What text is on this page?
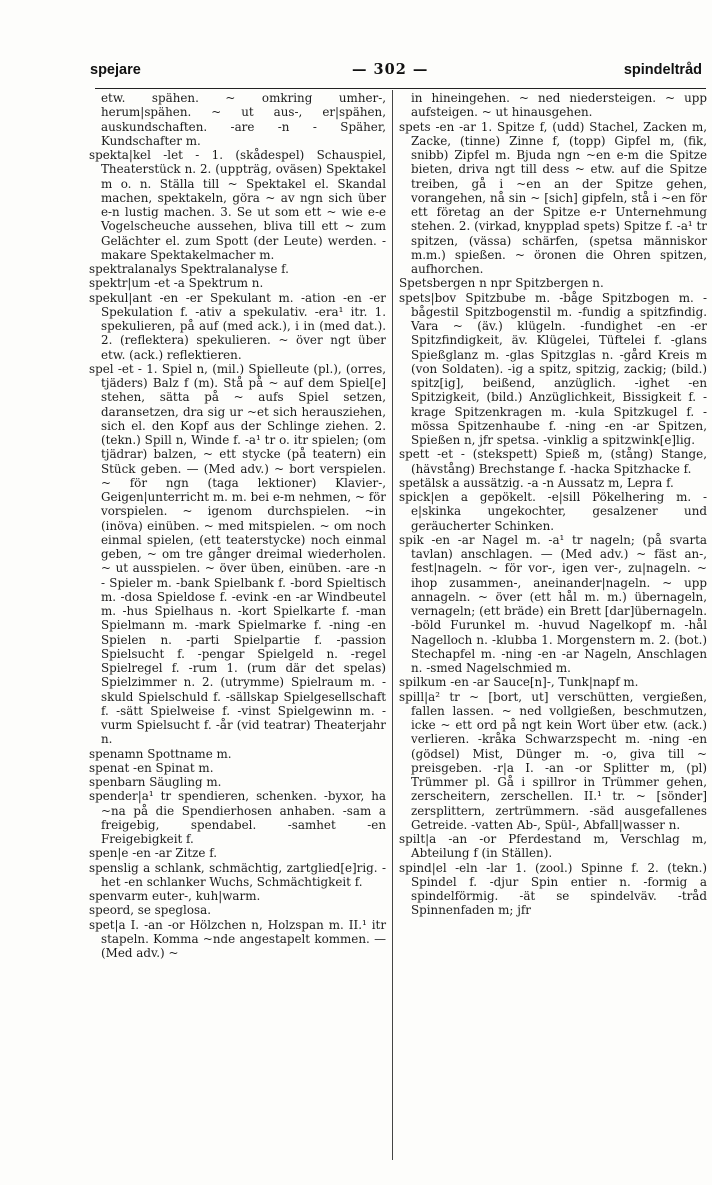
spejare	— 302 —	spindeltråd

etw. spähen. ~ omkring umher-, herum|spähen. ~ ut aus-, er|spähen, auskundschaften. -are -n - Späher, Kundschafter m.

spekta|kel -let - 1. (skådespel) Schauspiel, Theaterstück n. 2. (uppträg, oväsen) Spektakel m o. n. Ställa till ~ Spektakel el. Skandal machen, spektakeln, göra ~ av ngn sich über e-n lustig machen. 3. Se ut som ett ~ wie e-e Vogelscheuche aussehen, bliva till ett ~ zum Gelächter el. zum Spott (der Leute) werden. -makare Spektakelmacher m.

spektralanalys Spektralanalyse f.

spektr|um -et -a Spektrum n.

spekul|ant -en -er Spekulant m. -ation -en -er Spekulation f. -ativ a spekulativ. -era¹ itr. 1. spekulieren, på auf (med ack.), i in (med dat.). 2. (reflektera) spekulieren. ~ över ngt über etw. (ack.) reflektieren.

spel -et - 1. Spiel n, (mil.) Spielleute (pl.), (orres, tjäders) Balz f (m). Stå på ~ auf dem Spiel[e] stehen, sätta på ~ aufs Spiel setzen, daransetzen, dra sig ur ~et sich herausziehen, sich el. den Kopf aus der Schlinge ziehen. 2. (tekn.) Spill n, Winde f. -a¹ tr o. itr spielen; (om tjädrar) balzen, ~ ett stycke (på teatern) ein Stück geben. — (Med adv.) ~ bort verspielen. ~ för ngn (taga lektioner) Klavier-, Geigen|unterricht m. m. bei e-m nehmen, ~ för vorspielen. ~ igenom durchspielen. ~in (inöva) einüben. ~ med mitspielen. ~ om noch einmal spielen, (ett teaterstycke) noch einmal geben, ~ om tre gånger dreimal wiederholen. ~ ut ausspielen. ~ över üben, einüben. -are -n - Spieler m. -bank Spielbank f. -bord Spieltisch m. -dosa Spieldose f. -evink -en -ar Windbeutel m. -hus Spielhaus n. -kort Spielkarte f. -man Spielmann m. -mark Spielmarke f. -ning -en Spielen n. -parti Spielpartie f. -passion Spielsucht f. -pengar Spielgeld n. -regel Spielregel f. -rum 1. (rum där det spelas) Spielzimmer n. 2. (utrymme) Spielraum m. -skuld Spielschuld f. -sällskap Spielgesellschaft f. -sätt Spielweise f. -vinst Spielgewinn m. -vurm Spielsucht f. -år (vid teatrar) Theaterjahr n.

spenamn Spottname m.

spenat -en Spinat m.

spenbarn Säugling m.

spender|a¹ tr spendieren, schenken. -byxor, ha ~na på die Spendierhosen anhaben. -sam a freigebig, spendabel. -samhet -en Freigebigkeit f.

spen|e -en -ar Zitze f.

spenslig a schlank, schmächtig, zartglied[e]rig. -het -en schlanker Wuchs, Schmächtigkeit f.

spenvarm euter-, kuh|warm.

speord, se speglosa.

spet|a I. -an -or Hölzchen n, Holzspan m. II.¹ itr stapeln. Komma ~nde angestapelt kommen. — (Med adv.) ~

in hineingehen. ~ ned niedersteigen. ~ upp aufsteigen. ~ ut hinausgehen.

spets -en -ar 1. Spitze f, (udd) Stachel, Zacken m, Zacke, (tinne) Zinne f, (topp) Gipfel m, (fik, snibb) Zipfel m. Bjuda ngn ~en e-m die Spitze bieten, driva ngt till dess ~ etw. auf die Spitze treiben, gå i ~en an der Spitze gehen, vorangehen, nå sin ~ [sich] gipfeln, stå i ~en för ett företag an der Spitze e-r Unternehmung stehen. 2. (virkad, knypplad spets) Spitze f. -a¹ tr spitzen, (vässa) schärfen, (spetsa människor m.m.) spießen. ~ öronen die Ohren spitzen, aufhorchen.

Spetsbergen n npr Spitzbergen n.

spets|bov Spitzbube m. -båge Spitzbogen m. -bågestil Spitzbogenstil m. -fundig a spitzfindig. Vara ~ (äv.) klügeln. -fundighet -en -er Spitzfindigkeit, äv. Klügelei, Tüftelei f. -glans Spießglanz m. -glas Spitzglas n. -gård Kreis m (von Soldaten). -ig a spitz, spitzig, zackig; (bild.) spitz[ig], beißend, anzüglich. -ighet -en Spitzigkeit, (bild.) Anzüglichkeit, Bissigkeit f. -krage Spitzenkragen m. -kula Spitzkugel f. -mössa Spitzenhaube f. -ning -en -ar Spitzen, Spießen n, jfr spetsa. -vinklig a spitzwink[e]lig.

spett -et - (stekspett) Spieß m, (stång) Stange, (hävstång) Brechstange f. -hacka Spitzhacke f.

spetälsk a aussätzig. -a -n Aussatz m, Lepra f.

spick|en a gepökelt. -e|sill Pökelhering m. -e|skinka ungekochter, gesalzener und geräucherter Schinken.

spik -en -ar Nagel m. -a¹ tr nageln; (på svarta tavlan) anschlagen. — (Med adv.) ~ fäst an-, fest|nageln. ~ för vor-, igen ver-, zu|nageln. ~ ihop zusammen-, aneinander|nageln. ~ upp annageln. ~ över (ett hål m. m.) übernageln, vernageln; (ett bräde) ein Brett [dar]übernageln. -böld Furunkel m. -huvud Nagelkopf m. -hål Nagelloch n. -klubba 1. Morgenstern m. 2. (bot.) Stechapfel m. -ning -en -ar Nageln, Anschlagen n. -smed Nagelschmied m.

spilkum -en -ar Sauce[n]-, Tunk|napf m.

spill|a² tr ~ [bort, ut] verschütten, vergießen, fallen lassen. ~ ned vollgießen, beschmutzen, icke ~ ett ord på ngt kein Wort über etw. (ack.) verlieren. -kråka Schwarzspecht m. -ning -en (gödsel) Mist, Dünger m. -o, giva till ~ preisgeben. -r|a I. -an -or Splitter m, (pl) Trümmer pl. Gå i spillror in Trümmer gehen, zerscheitern, zerschellen. II.¹ tr. ~ [sönder] zersplittern, zertrümmern. -säd ausgefallenes Getreide. -vatten Ab-, Spül-, Abfall|wasser n.

spilt|a -an -or Pferdestand m, Verschlag m, Abteilung f (in Ställen).

spind|el -eln -lar 1. (zool.) Spinne f. 2. (tekn.) Spindel f. -djur Spin entier n. -formig a spindelförmig. -ät se spindelväv. -tråd Spinnenfaden m; jfr
